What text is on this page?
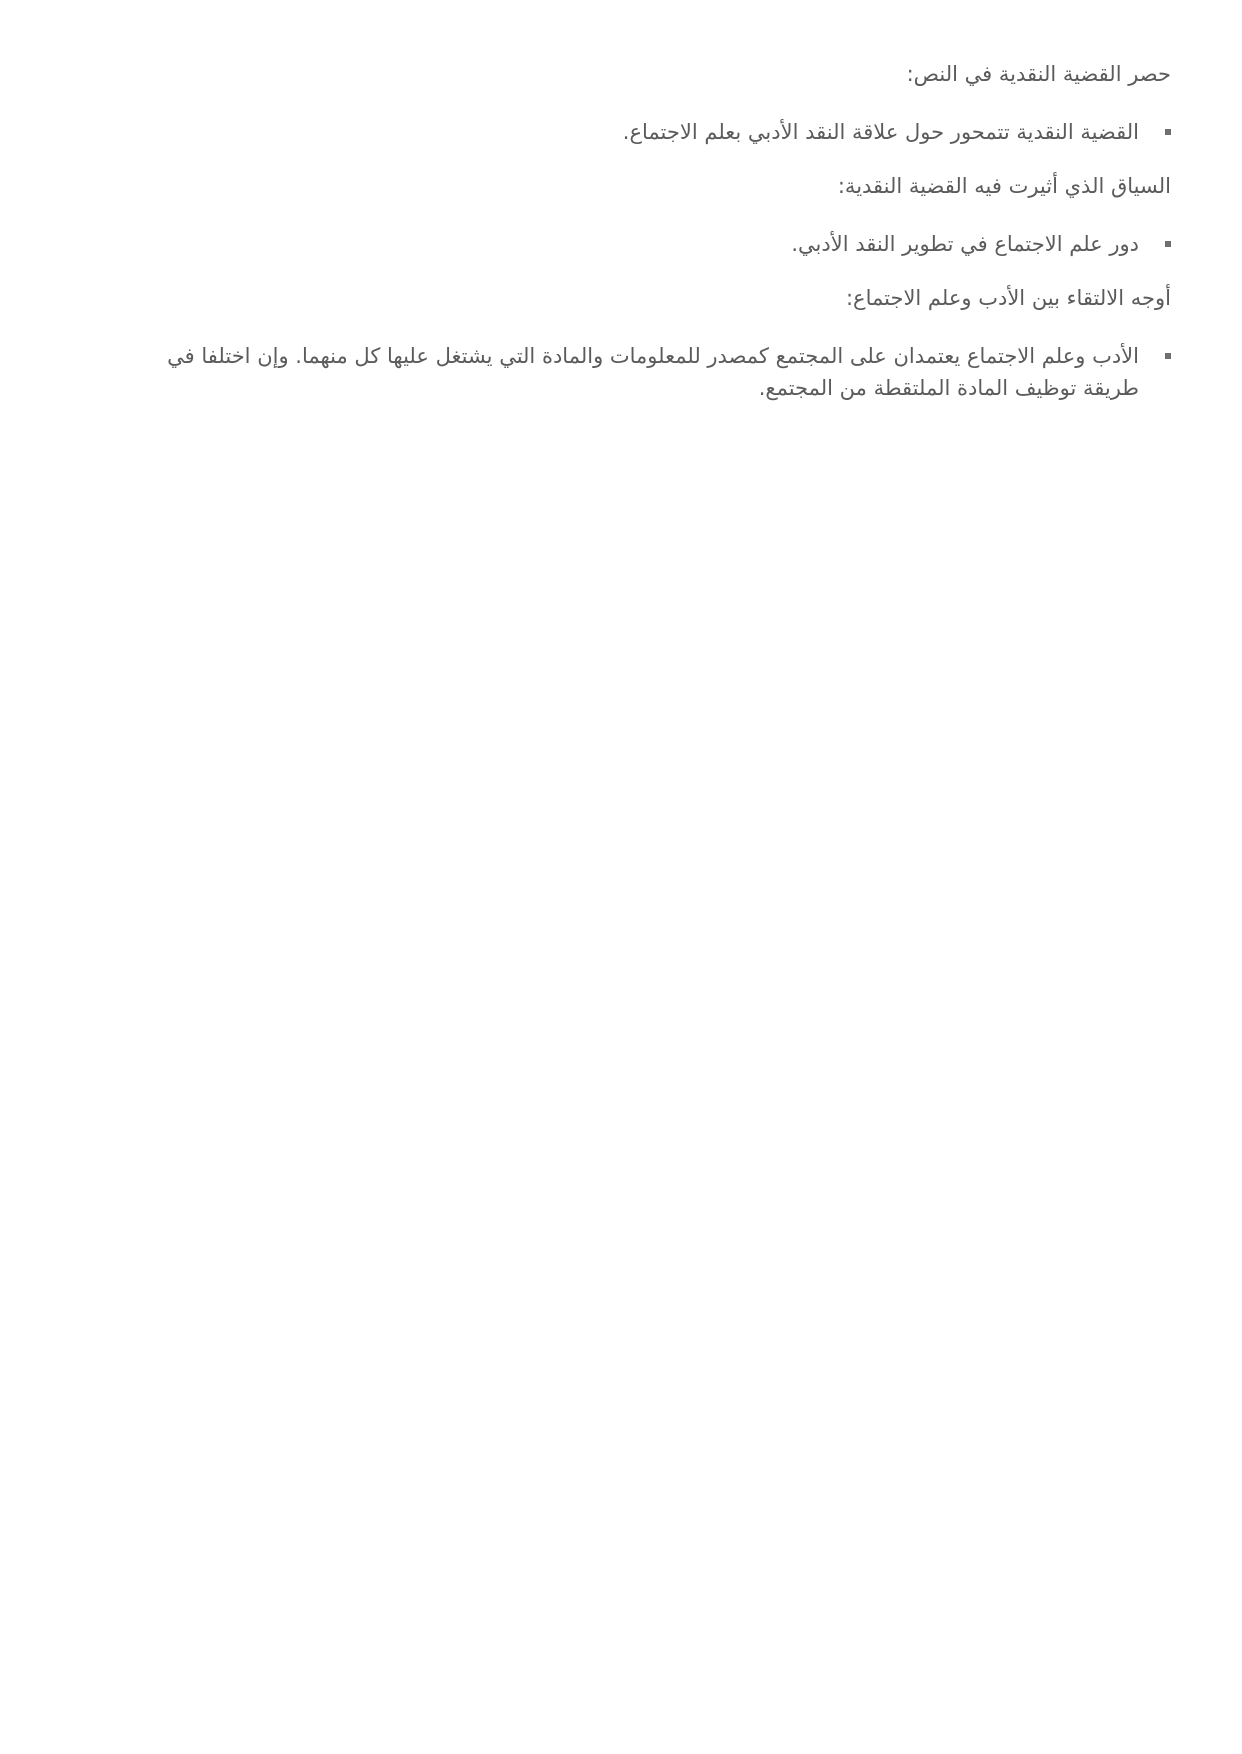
حصر القضية النقدية في النص:
القضية النقدية تتمحور حول علاقة النقد الأدبي بعلم الاجتماع.
السياق الذي أثيرت فيه القضية النقدية:
دور علم الاجتماع في تطوير النقد الأدبي.
أوجه الالتقاء بين الأدب وعلم الاجتماع:
الأدب وعلم الاجتماع يعتمدان على المجتمع كمصدر للمعلومات والمادة التي يشتغل عليها كل منهما. وإن اختلفا في طريقة توظيف المادة الملتقطة من المجتمع.
